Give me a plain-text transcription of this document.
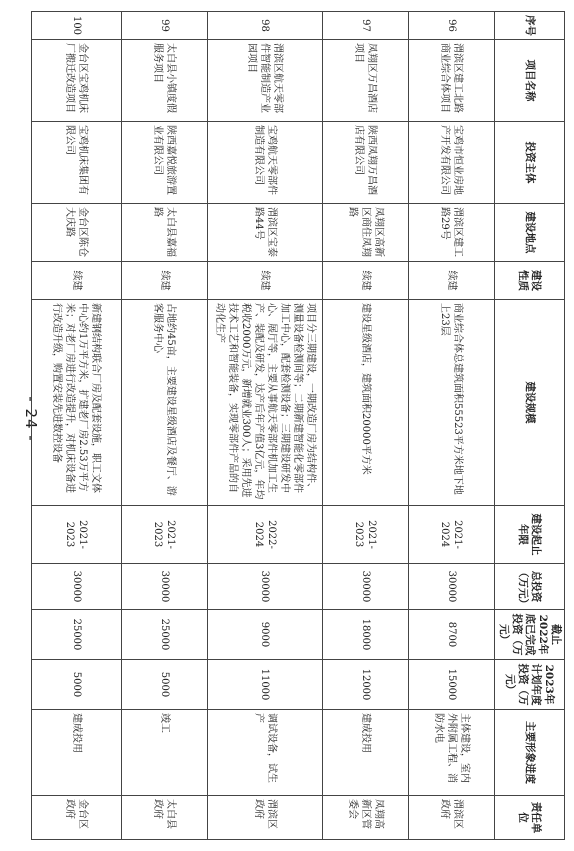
- 24 -
序号	项目名称	投资主体	建设地点	建设性质	建设规模	建设起止年限	总投资（万元）	截止2022年底已完成投资（万元）	2023年计划年度投资（万元）	主要形象进度	责任单位
96	渭滨区建工北路商业综合体项目	宝鸡市恒业房地产开发有限公司	渭滨区建工路29号	续建	商业综合体总建筑面积55523平方米地下地上23层	2021-2024	30000	8700	15000	主体建设，室内外附属工程、消防水电	渭滨区政府
97	凤翔区万昌酒店项目	陕西凤翔万昌酒店有限公司	凤翔区高新区商住凤翔路	续建	建设星级酒店，建筑面积20000平方米	2021-2023	30000	18000	12000	建成投用	凤翔高新区管委会
98	渭滨区航天零部件智能制造产业园项目	宝鸡航天零部件制造有限公司	渭滨区宝泰路44号	续建	项目分三期建设，一期改造厂房为结构件、测量设备检测间等；二期新建智能化零部件加工中心，配套检测设备；三期建设研发中心、展厅等，主要从事航天零部件机加工生产、装配及研发，达产后年产值3亿元，年均税收2000万元，新增就业300人；采用先进技术工艺和智能装备，实现零部件产品的自动化生产	2022-2024	30000	9000	11000	调试设备，试生产	渭滨区政府
99	太白县小镇度假服务项目	陕西嘉悦旅游置业有限公司	太白县嘉福路	续建	占地约45亩，主要建设星级酒店及餐厅、游客服务中心	2021-2023	30000	25000	5000	竣工	太白县政府
100	金台区宝鸡机床厂搬迁改造项目	宝鸡机床集团有限公司	金台区陈仓大庆路	续建	新建钢结构联合厂房及配套设施，职工文体中心约1万平方米，扩建老厂房2.53万平方米；对老厂房进行改造提升，对机床设备进行改造升级，购置安装先进数控设备	2021-2023	30000	25000	5000	建成投用	金台区政府
